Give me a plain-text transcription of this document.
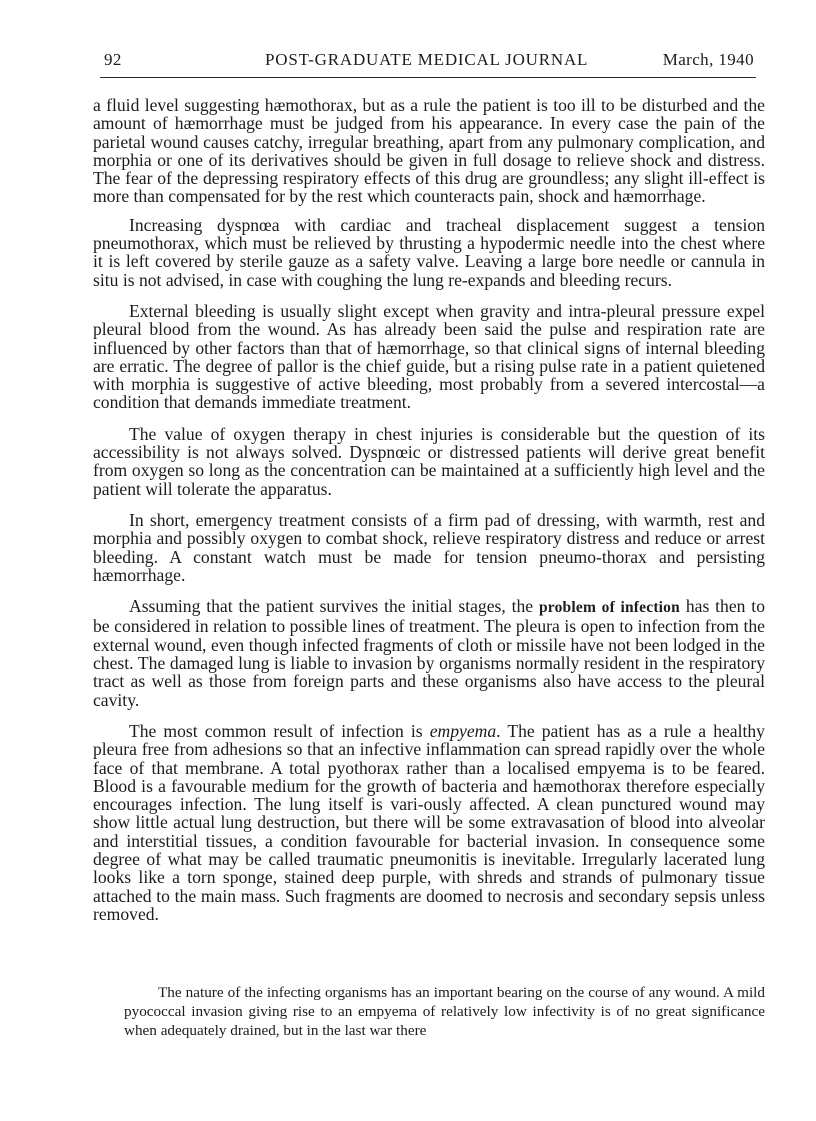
92	POST-GRADUATE MEDICAL JOURNAL	March, 1940

a fluid level suggesting hæmothorax, but as a rule the patient is too ill to be disturbed and the amount of hæmorrhage must be judged from his appearance. In every case the pain of the parietal wound causes catchy, irregular breathing, apart from any pulmonary complication, and morphia or one of its derivatives should be given in full dosage to relieve shock and distress. The fear of the depressing respiratory effects of this drug are groundless; any slight ill-effect is more than compensated for by the rest which counteracts pain, shock and hæmorrhage.

Increasing dyspnœa with cardiac and tracheal displacement suggest a tension pneumothorax, which must be relieved by thrusting a hypodermic needle into the chest where it is left covered by sterile gauze as a safety valve. Leaving a large bore needle or cannula in situ is not advised, in case with coughing the lung re-expands and bleeding recurs.

External bleeding is usually slight except when gravity and intra-pleural pressure expel pleural blood from the wound. As has already been said the pulse and respiration rate are influenced by other factors than that of hæmorrhage, so that clinical signs of internal bleeding are erratic. The degree of pallor is the chief guide, but a rising pulse rate in a patient quietened with morphia is suggestive of active bleeding, most probably from a severed intercostal—a condition that demands immediate treatment.

The value of oxygen therapy in chest injuries is considerable but the question of its accessibility is not always solved. Dyspnœic or distressed patients will derive great benefit from oxygen so long as the concentration can be maintained at a sufficiently high level and the patient will tolerate the apparatus.

In short, emergency treatment consists of a firm pad of dressing, with warmth, rest and morphia and possibly oxygen to combat shock, relieve respiratory distress and reduce or arrest bleeding. A constant watch must be made for tension pneumo-thorax and persisting hæmorrhage.

Assuming that the patient survives the initial stages, the problem of infection has then to be considered in relation to possible lines of treatment. The pleura is open to infection from the external wound, even though infected fragments of cloth or missile have not been lodged in the chest. The damaged lung is liable to invasion by organisms normally resident in the respiratory tract as well as those from foreign parts and these organisms also have access to the pleural cavity.

The most common result of infection is empyema. The patient has as a rule a healthy pleura free from adhesions so that an infective inflammation can spread rapidly over the whole face of that membrane. A total pyothorax rather than a localised empyema is to be feared. Blood is a favourable medium for the growth of bacteria and hæmothorax therefore especially encourages infection. The lung itself is vari-ously affected. A clean punctured wound may show little actual lung destruction, but there will be some extravasation of blood into alveolar and interstitial tissues, a condition favourable for bacterial invasion. In consequence some degree of what may be called traumatic pneumonitis is inevitable. Irregularly lacerated lung looks like a torn sponge, stained deep purple, with shreds and strands of pulmonary tissue attached to the main mass. Such fragments are doomed to necrosis and secondary sepsis unless removed.

The nature of the infecting organisms has an important bearing on the course of any wound. A mild pyococcal invasion giving rise to an empyema of relatively low infectivity is of no great significance when adequately drained, but in the last war there
